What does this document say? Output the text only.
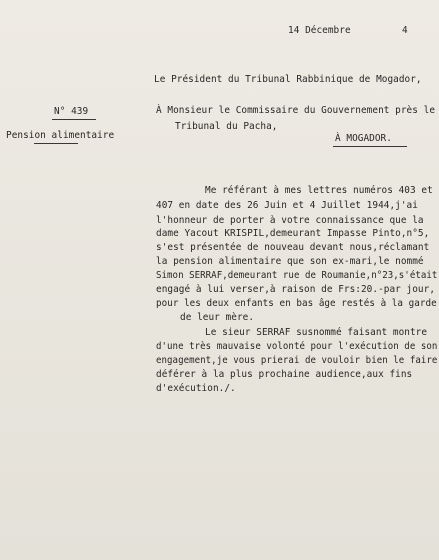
14 Décembre	4
Le Président du Tribunal Rabbinique de Mogador,
À Monsieur le Commissaire du Gouvernement près le
Tribunal du Pacha,
À MOGADOR.
N° 439
Pension alimentaire
Me référant à mes lettres numéros 403 et
407 en date des 26 Juin et 4 Juillet 1944,j'ai
l'honneur de porter à votre connaissance que la
dame Yacout KRISPIL,demeurant Impasse Pinto,n°5,
s'est présentée de nouveau devant nous,réclamant
la pension alimentaire que son ex-mari,le nommé
Simon SERRAF,demeurant rue de Roumanie,n°23,s'était
engagé à lui verser,à raison de Frs:20.-par jour,
pour les deux enfants en bas âge restés à la garde
de leur mère.
Le sieur SERRAF susnommé faisant montre
d'une très mauvaise volonté pour l'exécution de son
engagement,je vous prierai de vouloir bien le faire
déférer à la plus prochaine audience,aux fins
d'exécution./.
